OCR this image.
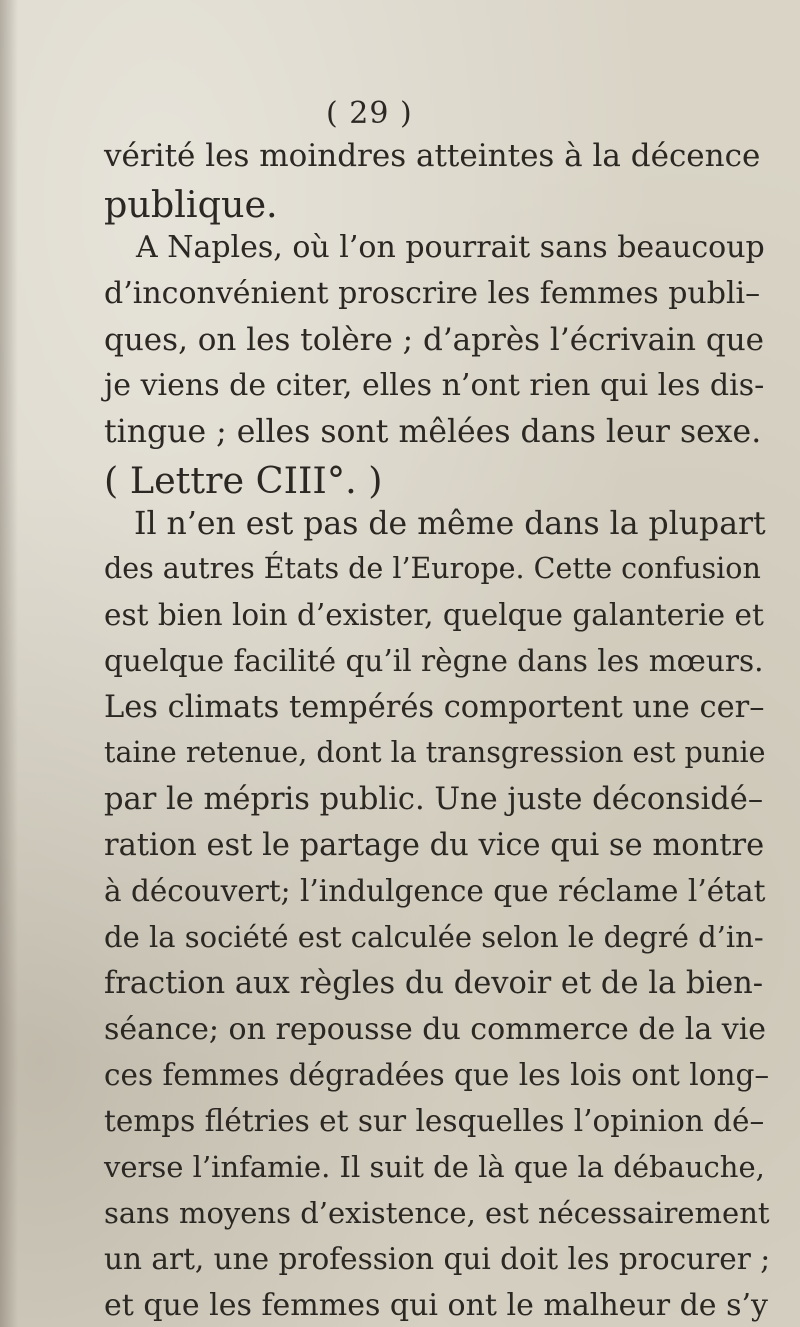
( 29 )
vérité les moindres atteintes à la décence
publique.
A Naples, où l’on pourrait sans beaucoup
d’inconvénient proscrire les femmes publi–
ques, on les tolère ; d’après l’écrivain que
je viens de citer, elles n’ont rien qui les dis-
tingue ; elles sont mêlées dans leur sexe.
( Lettre CIII°. )
Il n’en est pas de même dans la plupart
des autres États de l’Europe. Cette confusion
est bien loin d’exister, quelque galanterie et
quelque facilité qu’il règne dans les mœurs.
Les climats tempérés comportent une cer–
taine retenue, dont la transgression est punie
par le mépris public. Une juste déconsidé–
ration est le partage du vice qui se montre
à découvert; l’indulgence que réclame l’état
de la société est calculée selon le degré d’in-
fraction aux règles du devoir et de la bien-
séance; on repousse du commerce de la vie
ces femmes dégradées que les lois ont long–
temps flétries et sur lesquelles l’opinion dé–
verse l’infamie. Il suit de là que la débauche,
sans moyens d’existence, est nécessairement
un art, une profession qui doit les procurer ;
et que les femmes qui ont le malheur de s’y
